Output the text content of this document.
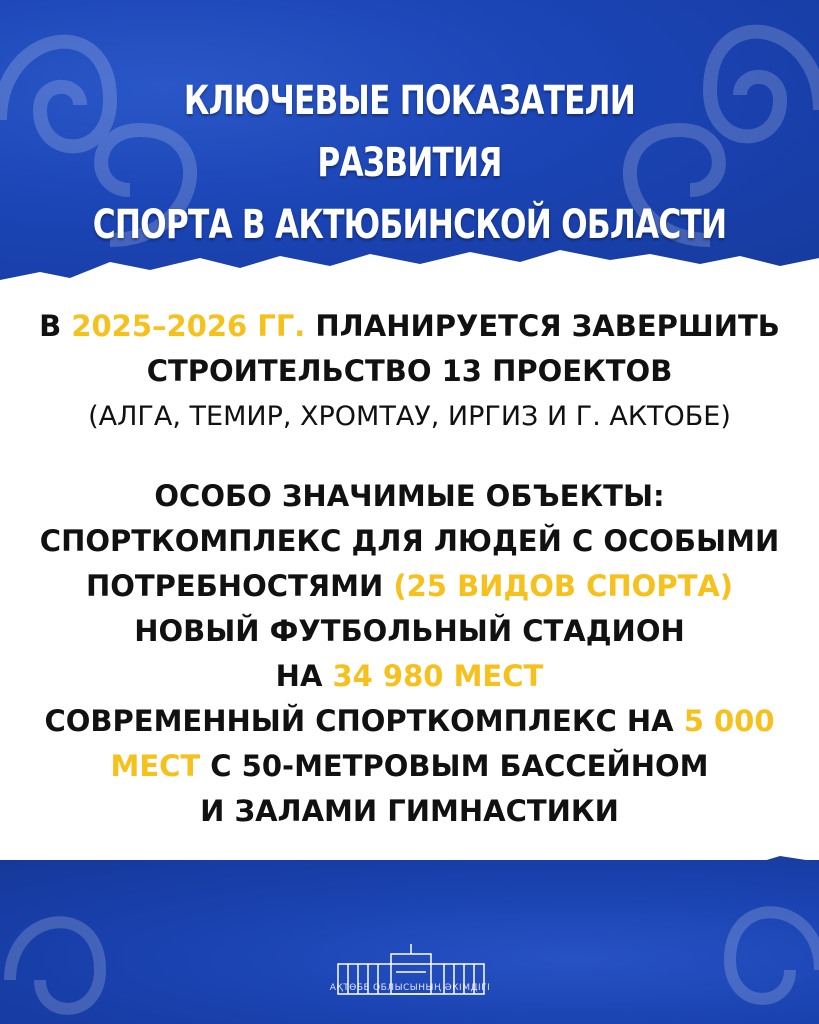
КЛЮЧЕВЫЕ ПОКАЗАТЕЛИ РАЗВИТИЯ
СПОРТА В АКТЮБИНСКОЙ ОБЛАСТИ
В 2025–2026 ГГ. ПЛАНИРУЕТСЯ ЗАВЕРШИТЬ
СТРОИТЕЛЬСТВО 13 ПРОЕКТОВ
(АЛГА, ТЕМИР, ХРОМТАУ, ИРГИЗ И Г. АКТОБЕ)
ОСОБО ЗНАЧИМЫЕ ОБЪЕКТЫ:
СПОРТКОМПЛЕКС ДЛЯ ЛЮДЕЙ С ОСОБЫМИ
ПОТРЕБНОСТЯМИ (25 ВИДОВ СПОРТА)
НОВЫЙ ФУТБОЛЬНЫЙ СТАДИОН
НА 34 980 МЕСТ
СОВРЕМЕННЫЙ СПОРТКОМПЛЕКС НА 5 000
МЕСТ С 50-МЕТРОВЫМ БАССЕЙНОМ
И ЗАЛАМИ ГИМНАСТИКИ
АҚТӨБЕ ОБЛЫСЫНЫҢ ӘКІМДІГІ
